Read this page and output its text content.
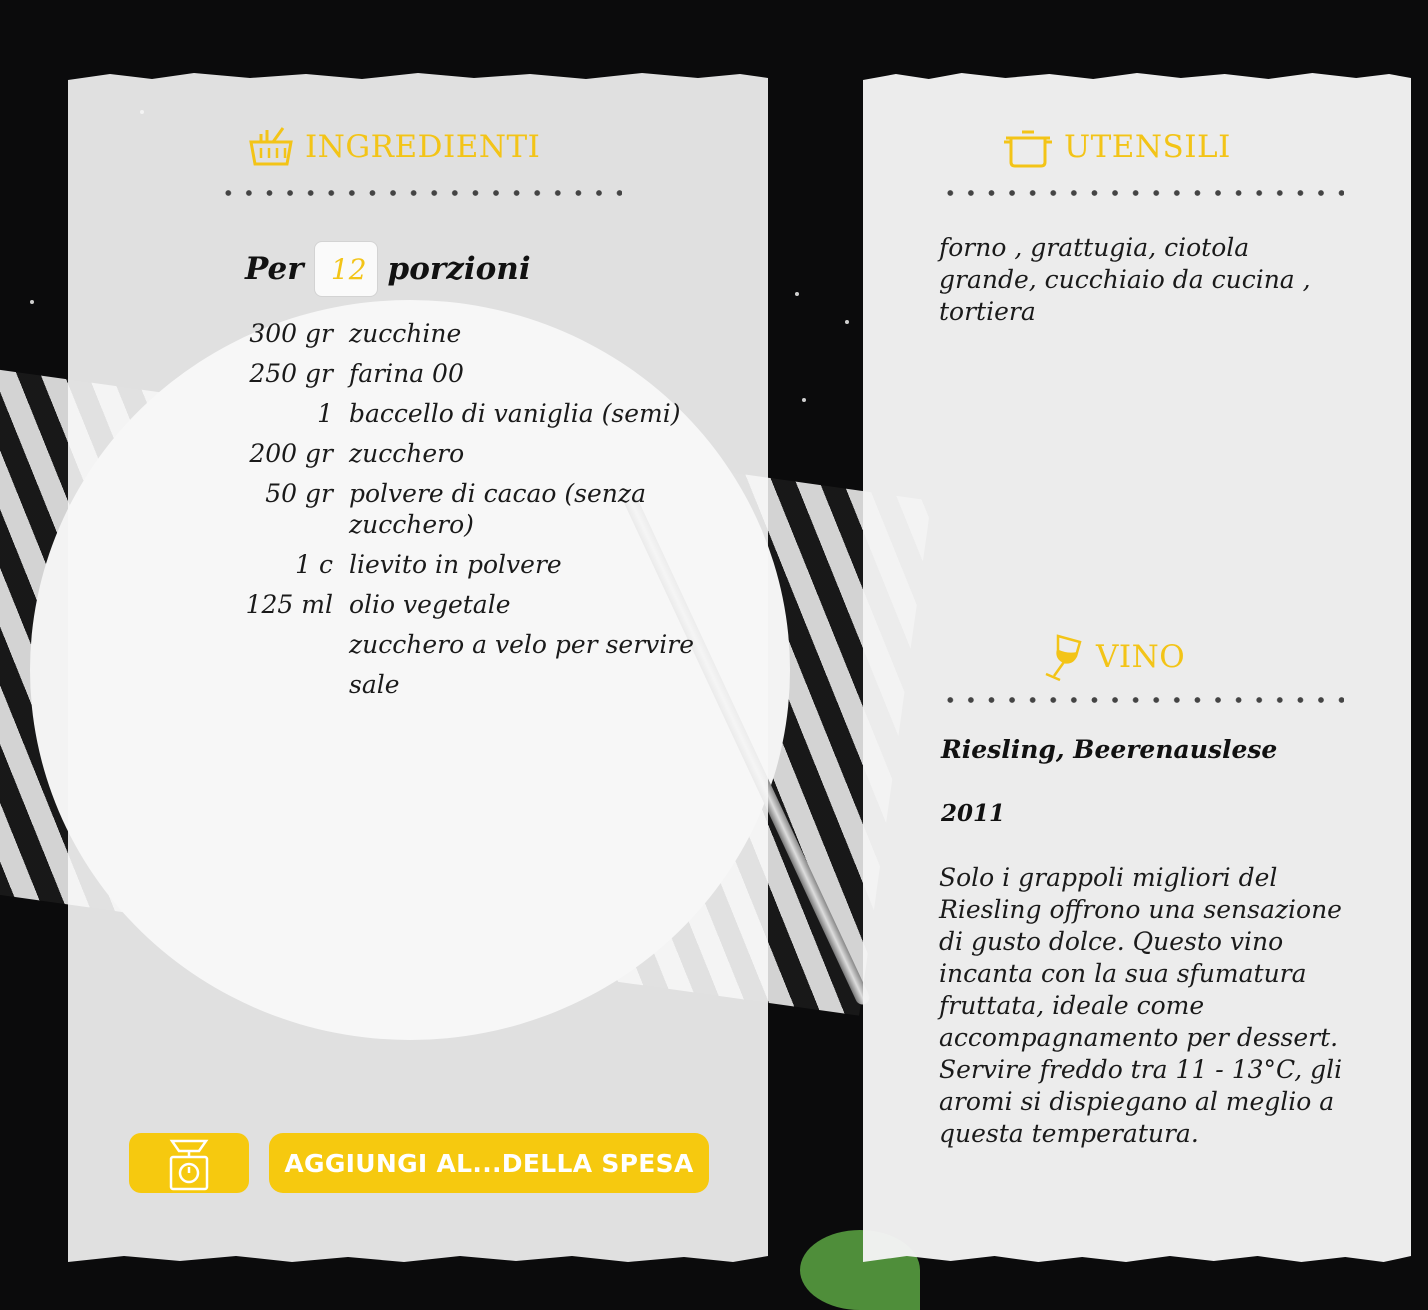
INGREDIENTI
Per 12 porzioni
300 gr zucchine
250 gr farina 00
1 baccello di vaniglia (semi)
200 gr zucchero
50 gr polvere di cacao (senza zucchero)
1 c lievito in polvere
125 ml olio vegetale
zucchero a velo per servire
sale
AGGIUNGI AL...DELLA SPESA
UTENSILI
forno , grattugia, ciotola grande, cucchiaio da cucina , tortiera
VINO
Riesling, Beerenauslese
2011
Solo i grappoli migliori del Riesling offrono una sensazione di gusto dolce. Questo vino incanta con la sua sfumatura fruttata, ideale come accompagnamento per dessert. Servire freddo tra 11 - 13°C, gli aromi si dispiegano al meglio a questa temperatura.
